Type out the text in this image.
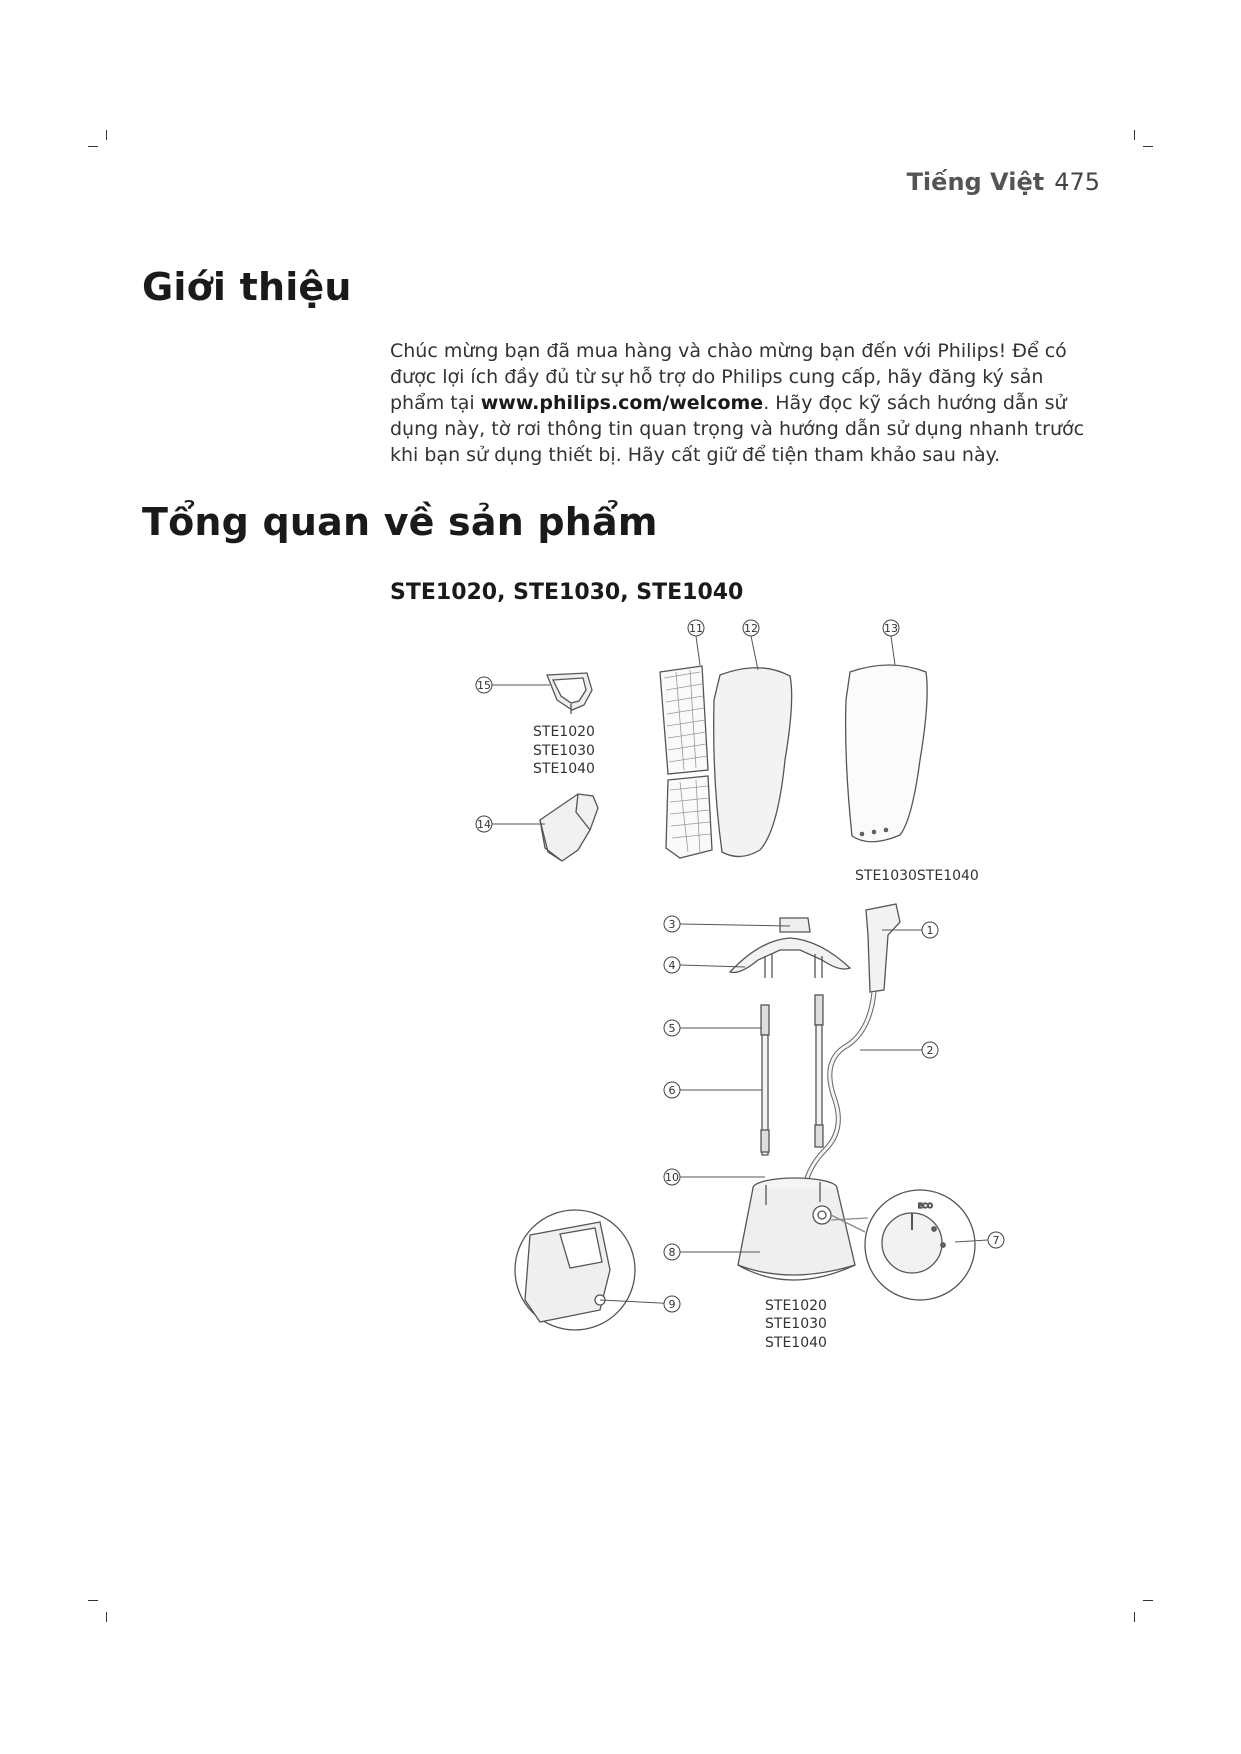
Tiếng Việt 475
Giới thiệu

Chúc mừng bạn đã mua hàng và chào mừng bạn đến với Philips! Để có được lợi ích đầy đủ từ sự hỗ trợ do Philips cung cấp, hãy đăng ký sản phẩm tại www.philips.com/welcome. Hãy đọc kỹ sách hướng dẫn sử dụng này, tờ rơi thông tin quan trọng và hướng dẫn sử dụng nhanh trước khi bạn sử dụng thiết bị. Hãy cất giữ để tiện tham khảo sau này.

Tổng quan về sản phẩm

STE1020, STE1030, STE1040

ECO
15
14
11	12	13
3
4
5
6
10
8
9
1
2
7
STE1020
STE1030
STE1040
STE1030STE1040
STE1020
STE1030
STE1040
